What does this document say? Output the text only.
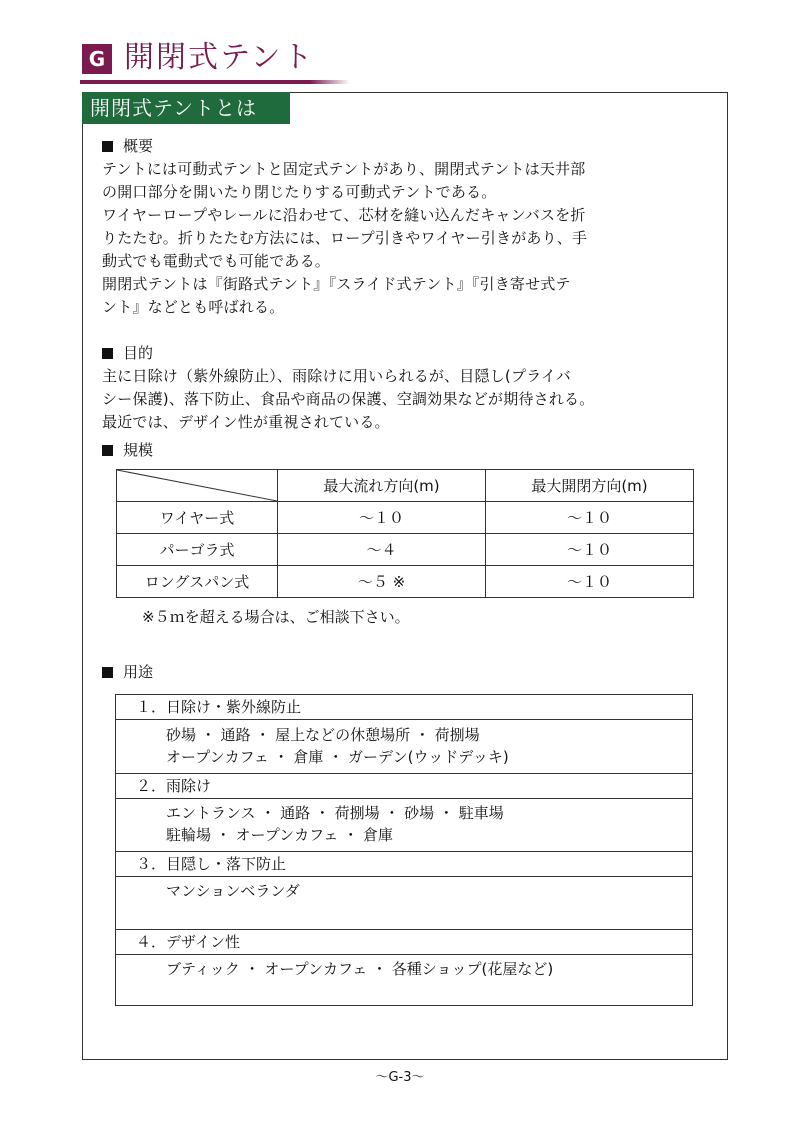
G 開閉式テント
開閉式テントとは

概要

テントには可動式テントと固定式テントがあり、開閉式テントは天井部

の開口部分を開いたり閉じたりする可動式テントである。

ワイヤーロープやレールに沿わせて、芯材を縫い込んだキャンバスを折

りたたむ。折りたたむ方法には、ロープ引きやワイヤー引きがあり、手

動式でも電動式でも可能である。

開閉式テントは『街路式テント』『スライド式テント』『引き寄せ式テ

ント』などとも呼ばれる。

目的

主に日除け（紫外線防止）、雨除けに用いられるが、目隠し(プライバ

シー保護)、落下防止、食品や商品の保護、空調効果などが期待される。

最近では、デザイン性が重視されている。

規模

	最大流れ方向(m)	最大開閉方向(m)
ワイヤー式	～１０	～１０
パーゴラ式	～４	～１０
ロングスパン式	～５ ※	～１０
※５ｍを超える場合は、ご相談下さい。

用途

１．日除け・紫外線防止
砂場 ・ 通路 ・ 屋上などの休憩場所 ・ 荷捌場
オープンカフェ ・ 倉庫 ・ ガーデン(ウッドデッキ)
２．雨除け
エントランス ・ 通路 ・ 荷捌場 ・ 砂場 ・ 駐車場
駐輪場 ・ オープンカフェ ・ 倉庫
３．目隠し・落下防止
マンションベランダ
４．デザイン性
ブティック ・ オープンカフェ ・ 各種ショップ(花屋など)
～G-3～
